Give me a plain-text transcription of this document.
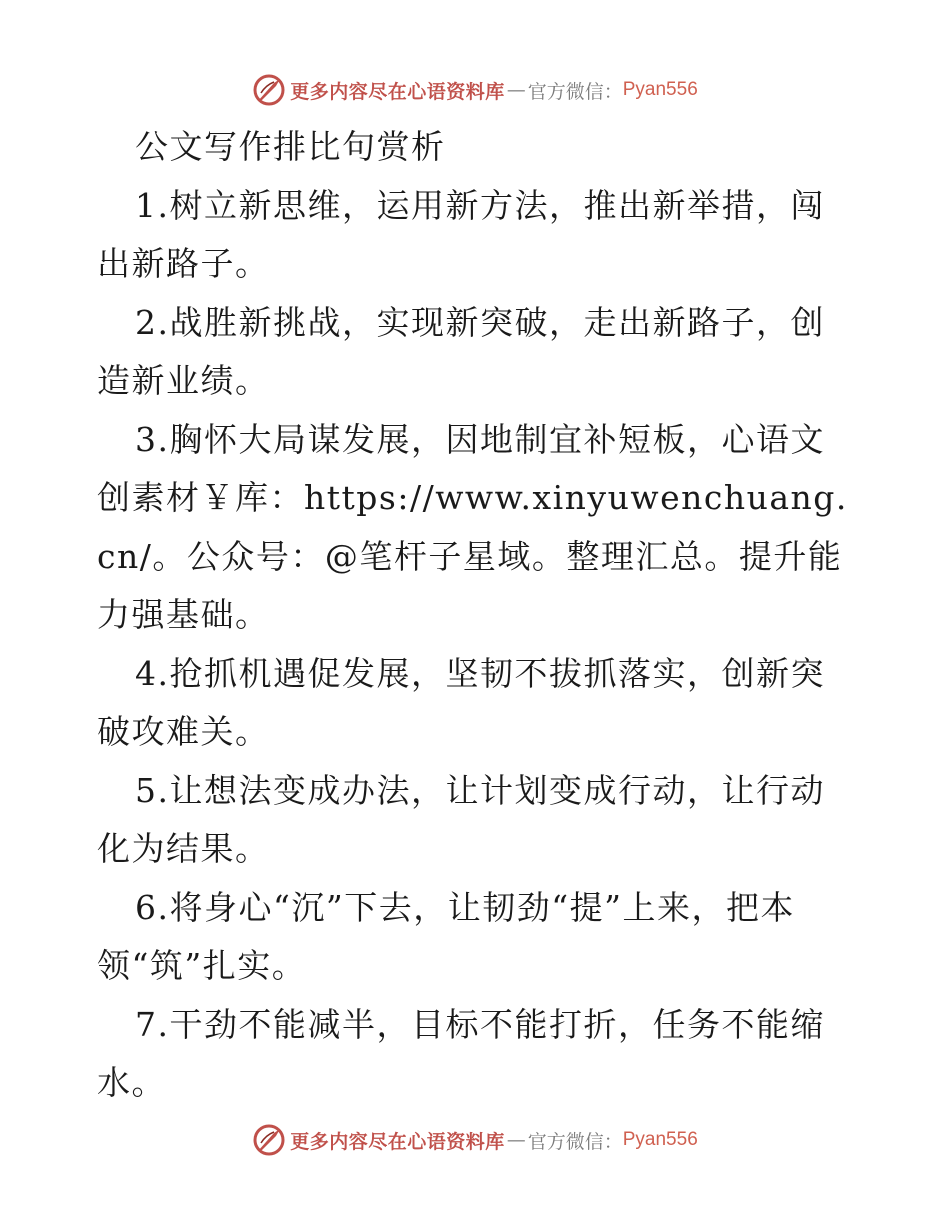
更多内容尽在心语资料库 — 官方微信： Pyan556

公文写作排比句赏析

1.树立新思维，运用新方法，推出新举措，闯出新路子。

2.战胜新挑战，实现新突破，走出新路子，创造新业绩。

3.胸怀大局谋发展，因地制宜补短板，心语文创素材￥库：https://www.xinyuwenchuang.cn/。公众号：@笔杆子星域。整理汇总。提升能力强基础。

4.抢抓机遇促发展，坚韧不拔抓落实，创新突破攻难关。

5.让想法变成办法，让计划变成行动，让行动化为结果。

6.将身心“沉”下去，让韧劲“提”上来，把本领“筑”扎实。

7.干劲不能减半，目标不能打折，任务不能缩水。

更多内容尽在心语资料库 — 官方微信： Pyan556
